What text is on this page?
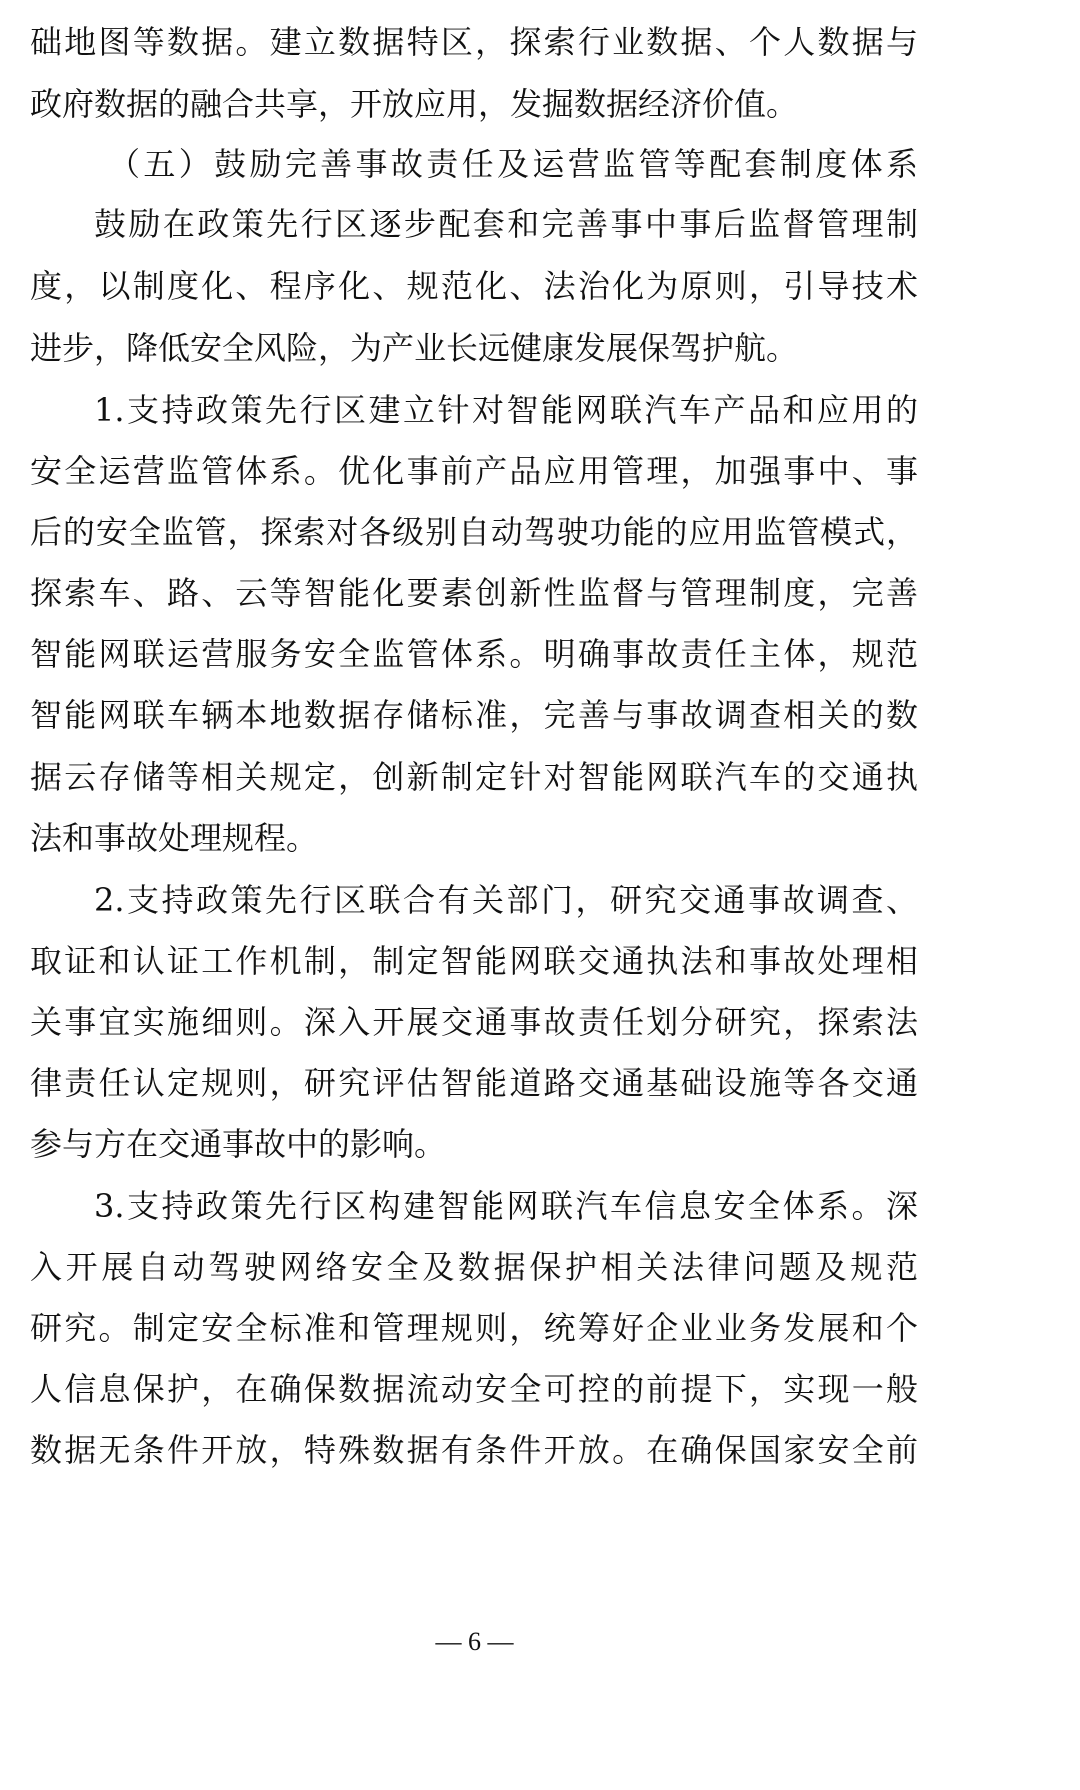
础地图等数据。建立数据特区，探索行业数据、个人数据与
政府数据的融合共享，开放应用，发掘数据经济价值。
（五）鼓励完善事故责任及运营监管等配套制度体系
鼓励在政策先行区逐步配套和完善事中事后监督管理制
度，以制度化、程序化、规范化、法治化为原则，引导技术
进步，降低安全风险，为产业长远健康发展保驾护航。
1.支持政策先行区建立针对智能网联汽车产品和应用的
安全运营监管体系。优化事前产品应用管理，加强事中、事
后的安全监管，探索对各级别自动驾驶功能的应用监管模式，
探索车、路、云等智能化要素创新性监督与管理制度，完善
智能网联运营服务安全监管体系。明确事故责任主体，规范
智能网联车辆本地数据存储标准，完善与事故调查相关的数
据云存储等相关规定，创新制定针对智能网联汽车的交通执
法和事故处理规程。
2.支持政策先行区联合有关部门，研究交通事故调查、
取证和认证工作机制，制定智能网联交通执法和事故处理相
关事宜实施细则。深入开展交通事故责任划分研究，探索法
律责任认定规则，研究评估智能道路交通基础设施等各交通
参与方在交通事故中的影响。
3.支持政策先行区构建智能网联汽车信息安全体系。深
入开展自动驾驶网络安全及数据保护相关法律问题及规范
研究。制定安全标准和管理规则，统筹好企业业务发展和个
人信息保护，在确保数据流动安全可控的前提下，实现一般
数据无条件开放，特殊数据有条件开放。在确保国家安全前
— 6 —
